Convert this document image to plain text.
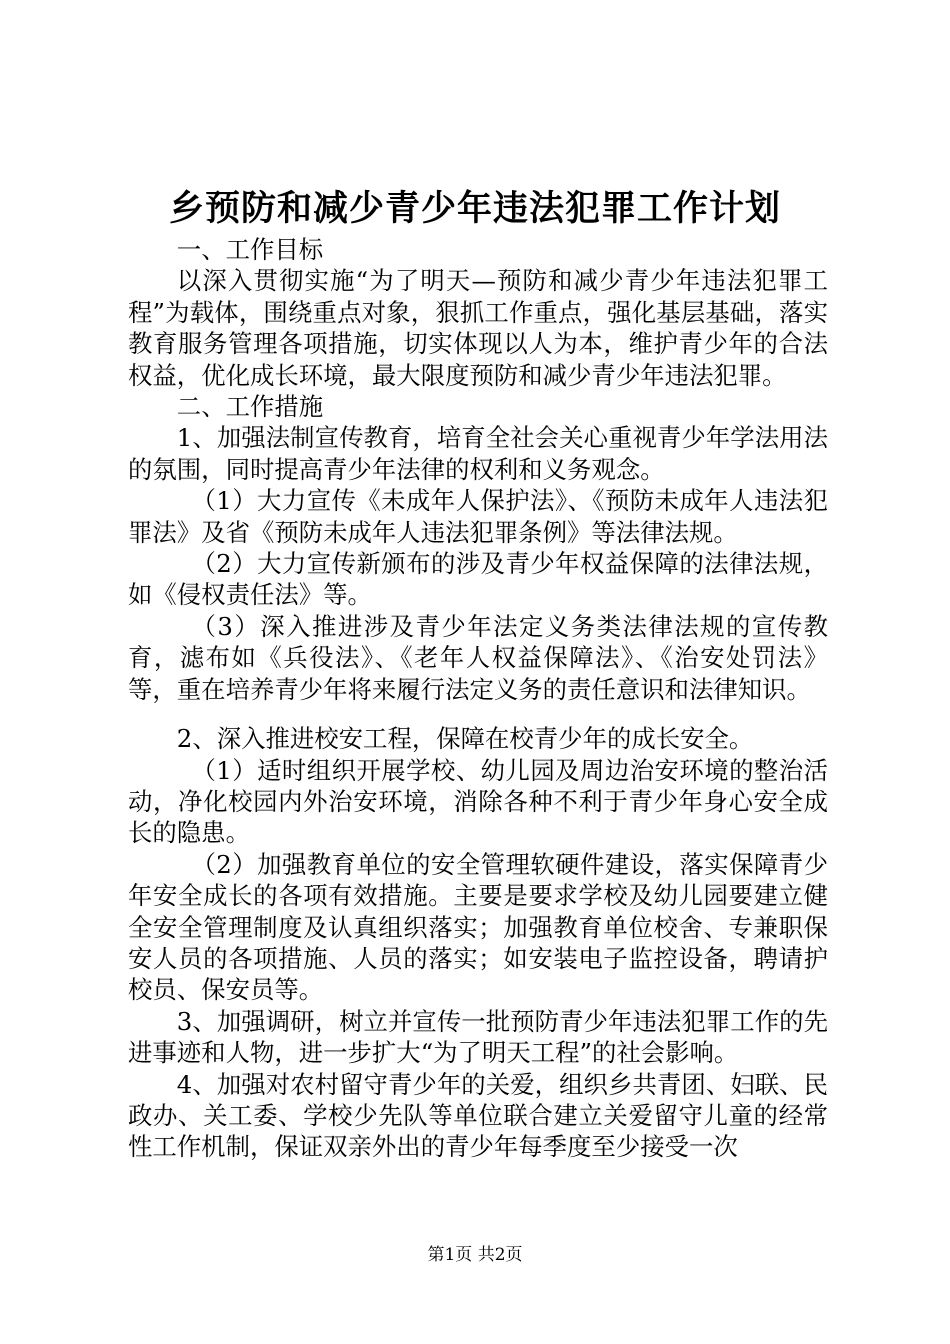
乡预防和减少青少年违法犯罪工作计划

一、工作目标

以深入贯彻实施“为了明天—预防和减少青少年违法犯罪工程”为载体，围绕重点对象，狠抓工作重点，强化基层基础，落实教育服务管理各项措施，切实体现以人为本，维护青少年的合法权益，优化成长环境，最大限度预防和减少青少年违法犯罪。

二、工作措施

1、加强法制宣传教育，培育全社会关心重视青少年学法用法的氛围，同时提高青少年法律的权利和义务观念。

（1）大力宣传《未成年人保护法》、《预防未成年人违法犯罪法》及省《预防未成年人违法犯罪条例》等法律法规。

（2）大力宣传新颁布的涉及青少年权益保障的法律法规，如《侵权责任法》等。

（3）深入推进涉及青少年法定义务类法律法规的宣传教育，滤布如《兵役法》、《老年人权益保障法》、《治安处罚法》等，重在培养青少年将来履行法定义务的责任意识和法律知识。

2、深入推进校安工程，保障在校青少年的成长安全。

（1）适时组织开展学校、幼儿园及周边治安环境的整治活动，净化校园内外治安环境，消除各种不利于青少年身心安全成长的隐患。

（2）加强教育单位的安全管理软硬件建设，落实保障青少年安全成长的各项有效措施。主要是要求学校及幼儿园要建立健全安全管理制度及认真组织落实；加强教育单位校舍、专兼职保安人员的各项措施、人员的落实；如安装电子监控设备，聘请护校员、保安员等。

3、加强调研，树立并宣传一批预防青少年违法犯罪工作的先进事迹和人物，进一步扩大“为了明天工程”的社会影响。

4、加强对农村留守青少年的关爱，组织乡共青团、妇联、民政办、关工委、学校少先队等单位联合建立关爱留守儿童的经常性工作机制，保证双亲外出的青少年每季度至少接受一次

第1页 共2页
